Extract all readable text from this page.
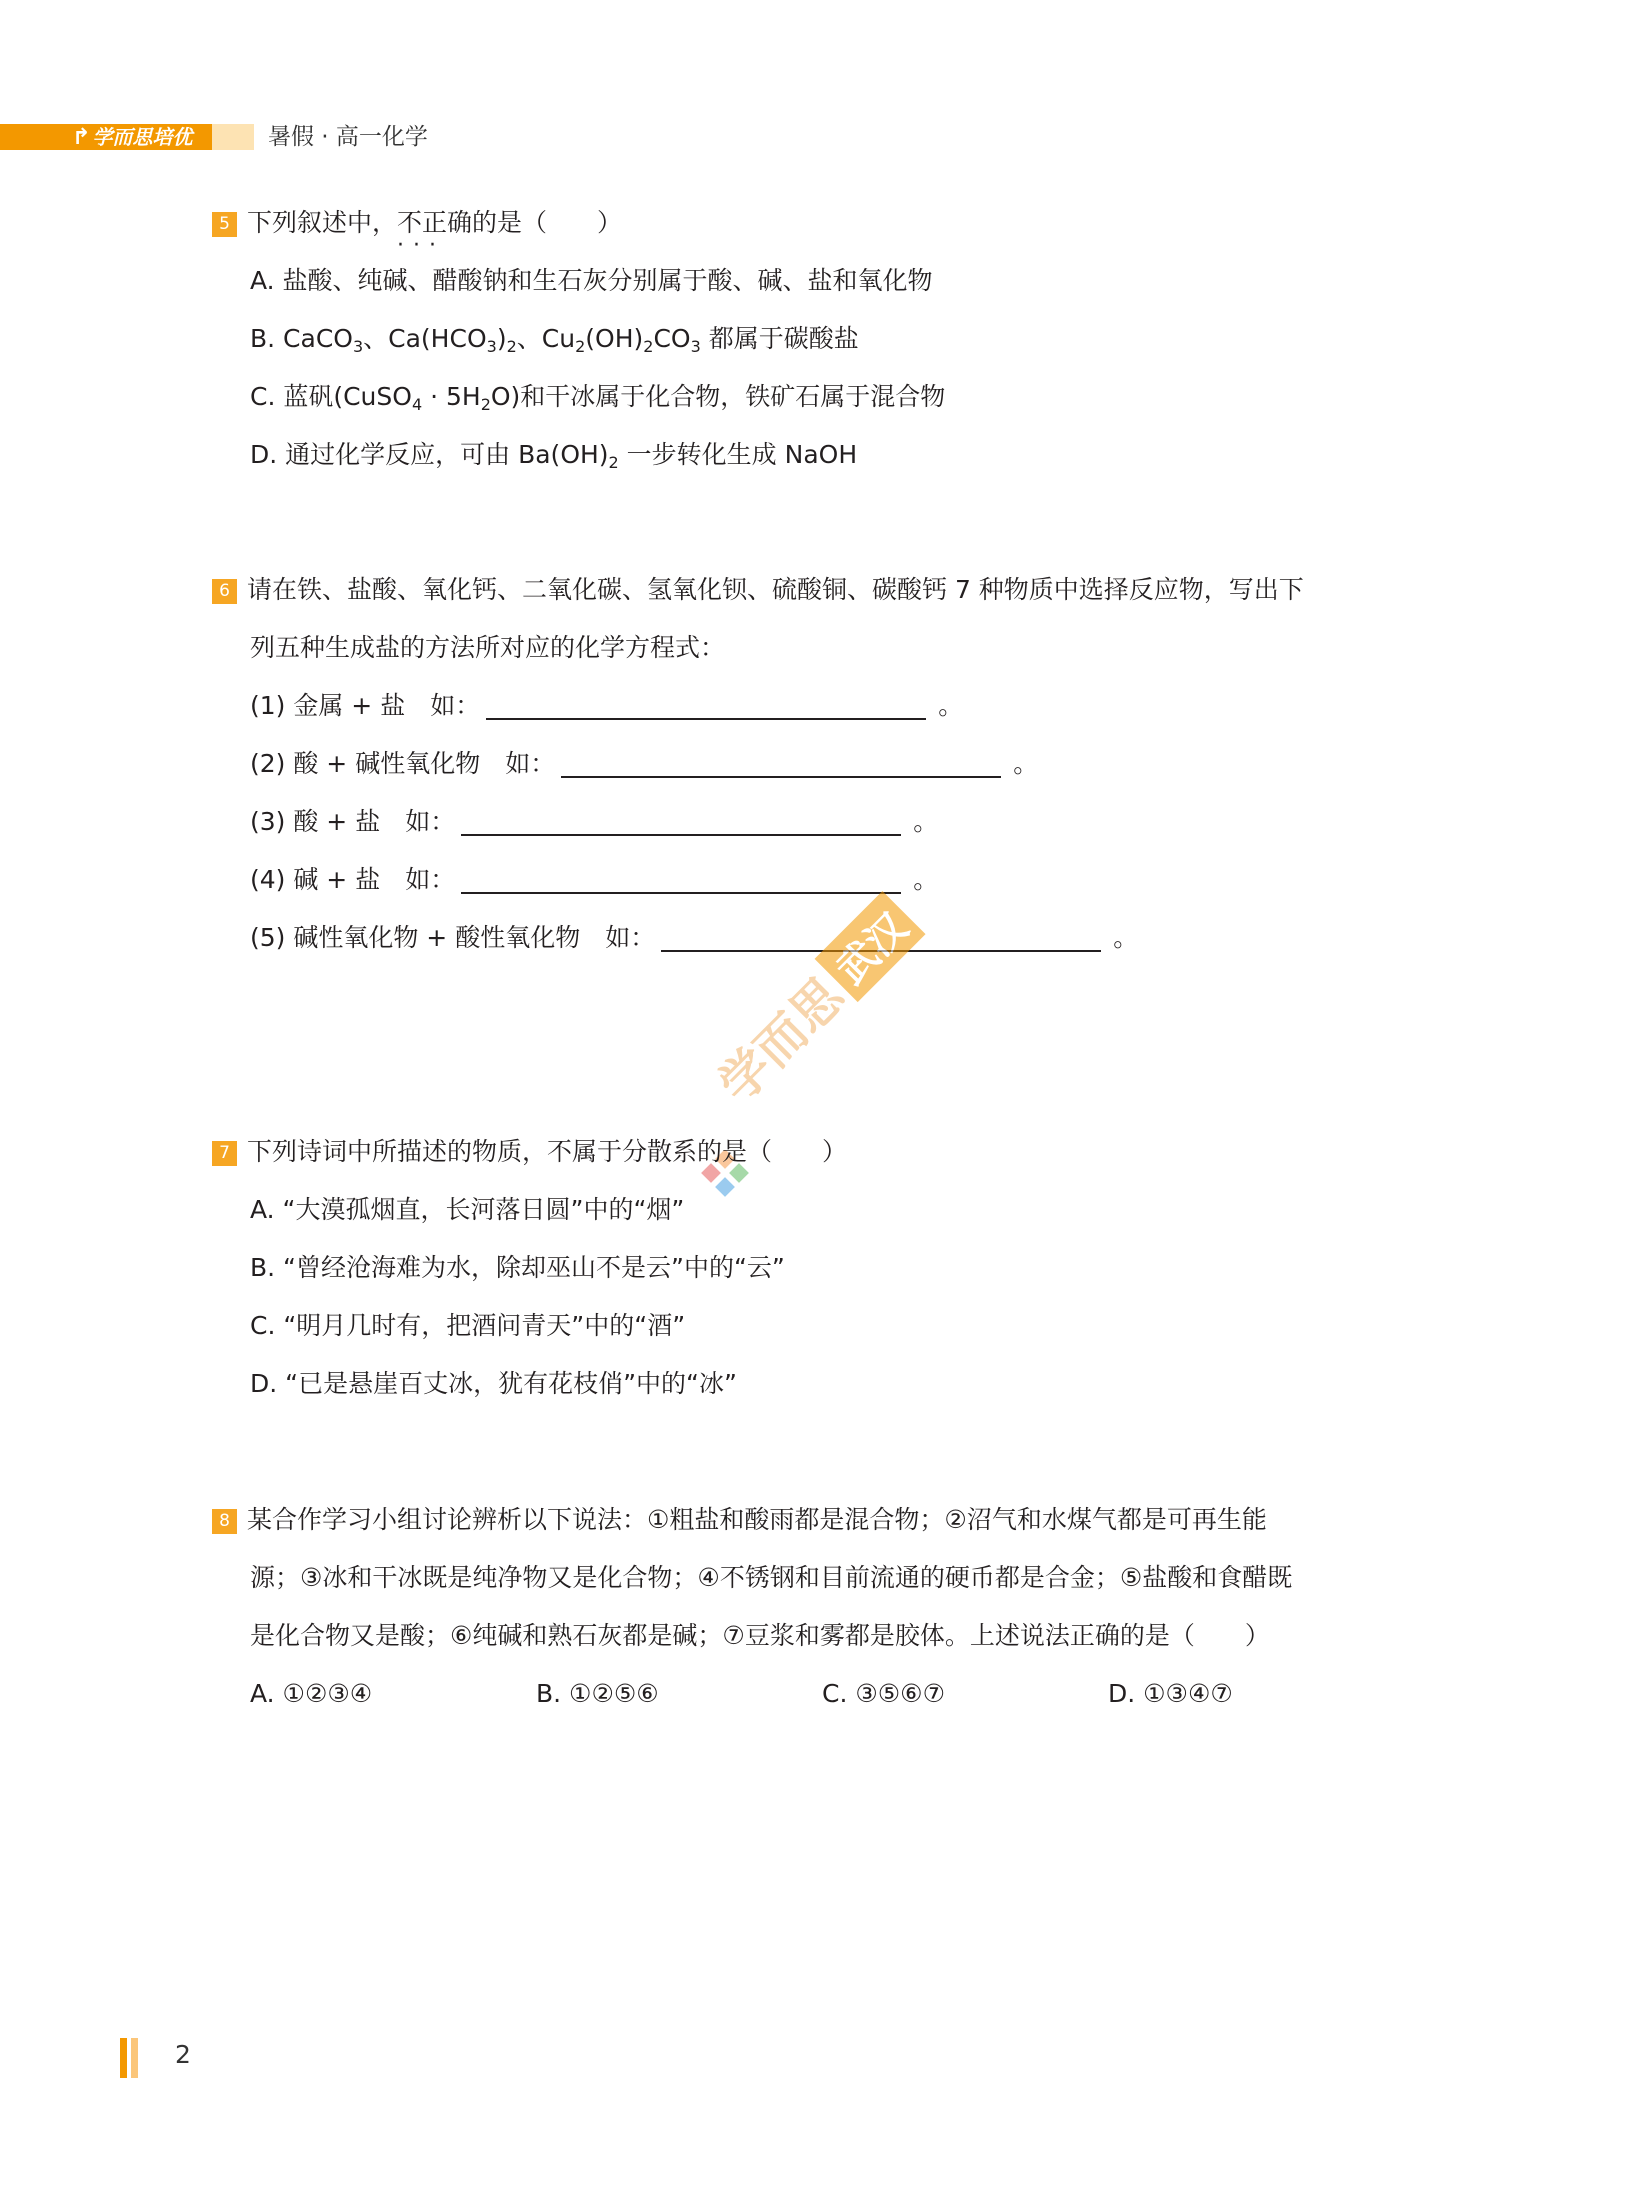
↱ 学而思培优	暑假 · 高一化学
5 下列叙述中，不正确 · · ·的是（　　）
A. 盐酸、纯碱、醋酸钠和生石灰分别属于酸、碱、盐和氧化物
B. CaCO$_3$、$Ca(HCO_3)_2$、$Cu_2(OH)_2CO_3$ 都属于碳酸盐
C. 蓝矾(CuSO$_4$ · $5H_2O$)和干冰属于化合物，铁矿石属于混合物
D. 通过化学反应，可由 $Ba(OH)_2$ 一步转化生成 NaOH
6 请在铁、盐酸、氧化钙、二氧化碳、氢氧化钡、硫酸铜、碳酸钙 7 种物质中选择反应物，写出下
列五种生成盐的方法所对应的化学方程式：
(1) 金属 + 盐　如：	。
(2) 酸 + 碱性氧化物　如：	。
(3) 酸 + 盐　如：	。
(4) 碱 + 盐　如：	。
(5) 碱性氧化物 + 酸性氧化物　如：	。
学而思武汉
7 下列诗词中所描述的物质，不属于分散系的是（　　）
A. “大漠孤烟直，长河落日圆”中的“烟”
B. “曾经沧海难为水，除却巫山不是云”中的“云”
C. “明月几时有，把酒问青天”中的“酒”
D. “已是悬崖百丈冰，犹有花枝俏”中的“冰”
8 某合作学习小组讨论辨析以下说法：①粗盐和酸雨都是混合物；②沼气和水煤气都是可再生能
源；③冰和干冰既是纯净物又是化合物；④不锈钢和目前流通的硬币都是合金；⑤盐酸和食醋既
是化合物又是酸；⑥纯碱和熟石灰都是碱；⑦豆浆和雾都是胶体。上述说法正确的是（　　）
A. ①②③④	B. ①②⑤⑥	C. ③⑤⑥⑦	D. ①③④⑦
2
